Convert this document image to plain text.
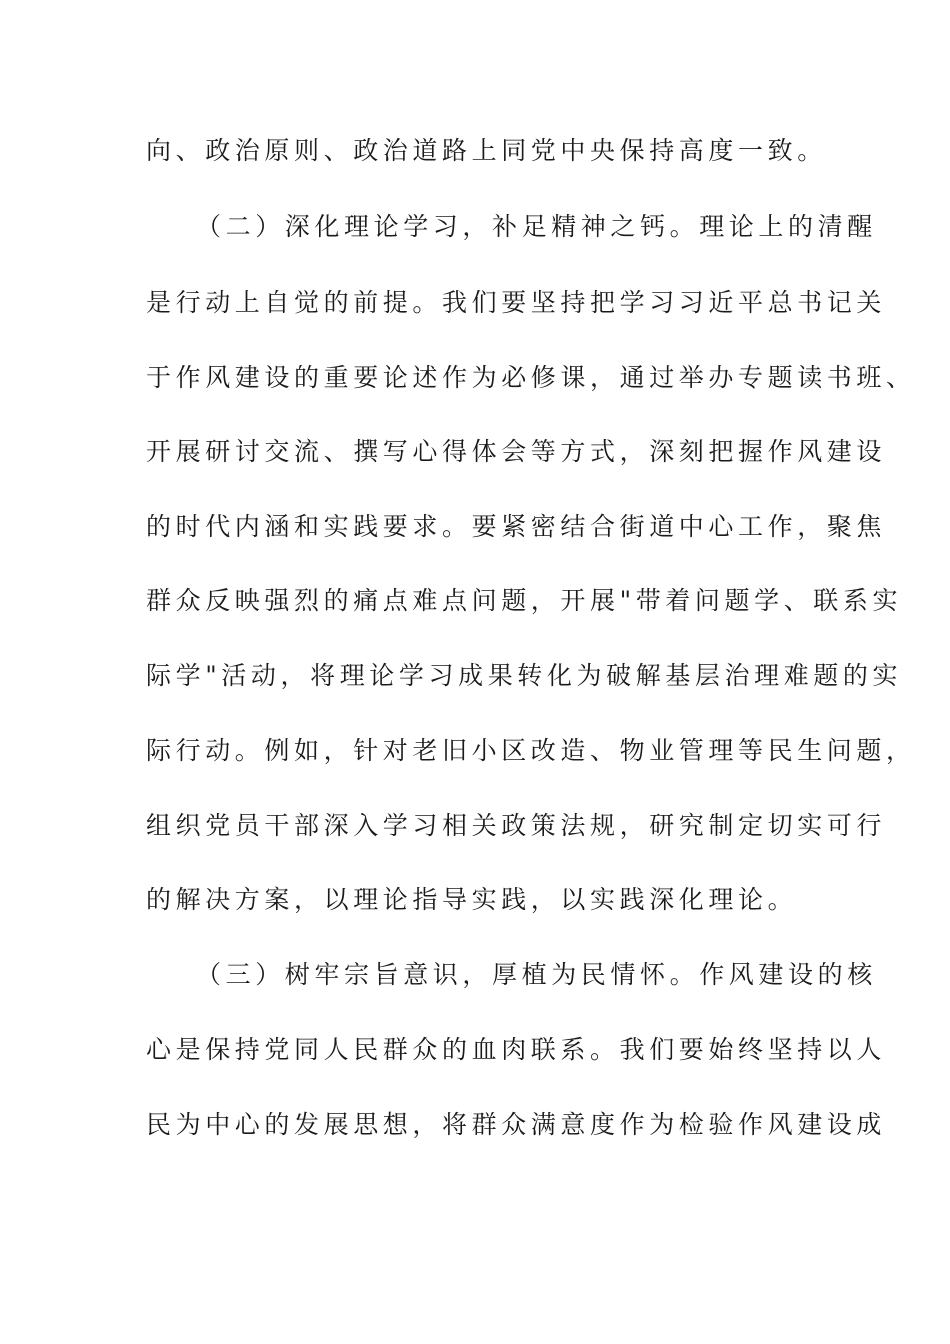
向、政治原则、政治道路上同党中央保持高度一致。
（二）深化理论学习，补足精神之钙。理论上的清醒
是行动上自觉的前提。我们要坚持把学习习近平总书记关
于作风建设的重要论述作为必修课，通过举办专题读书班、
开展研讨交流、撰写心得体会等方式，深刻把握作风建设
的时代内涵和实践要求。要紧密结合街道中心工作，聚焦
群众反映强烈的痛点难点问题，开展"带着问题学、联系实
际学"活动，将理论学习成果转化为破解基层治理难题的实
际行动。例如，针对老旧小区改造、物业管理等民生问题，
组织党员干部深入学习相关政策法规，研究制定切实可行
的解决方案，以理论指导实践，以实践深化理论。
（三）树牢宗旨意识，厚植为民情怀。作风建设的核
心是保持党同人民群众的血肉联系。我们要始终坚持以人
民为中心的发展思想，将群众满意度作为检验作风建设成
